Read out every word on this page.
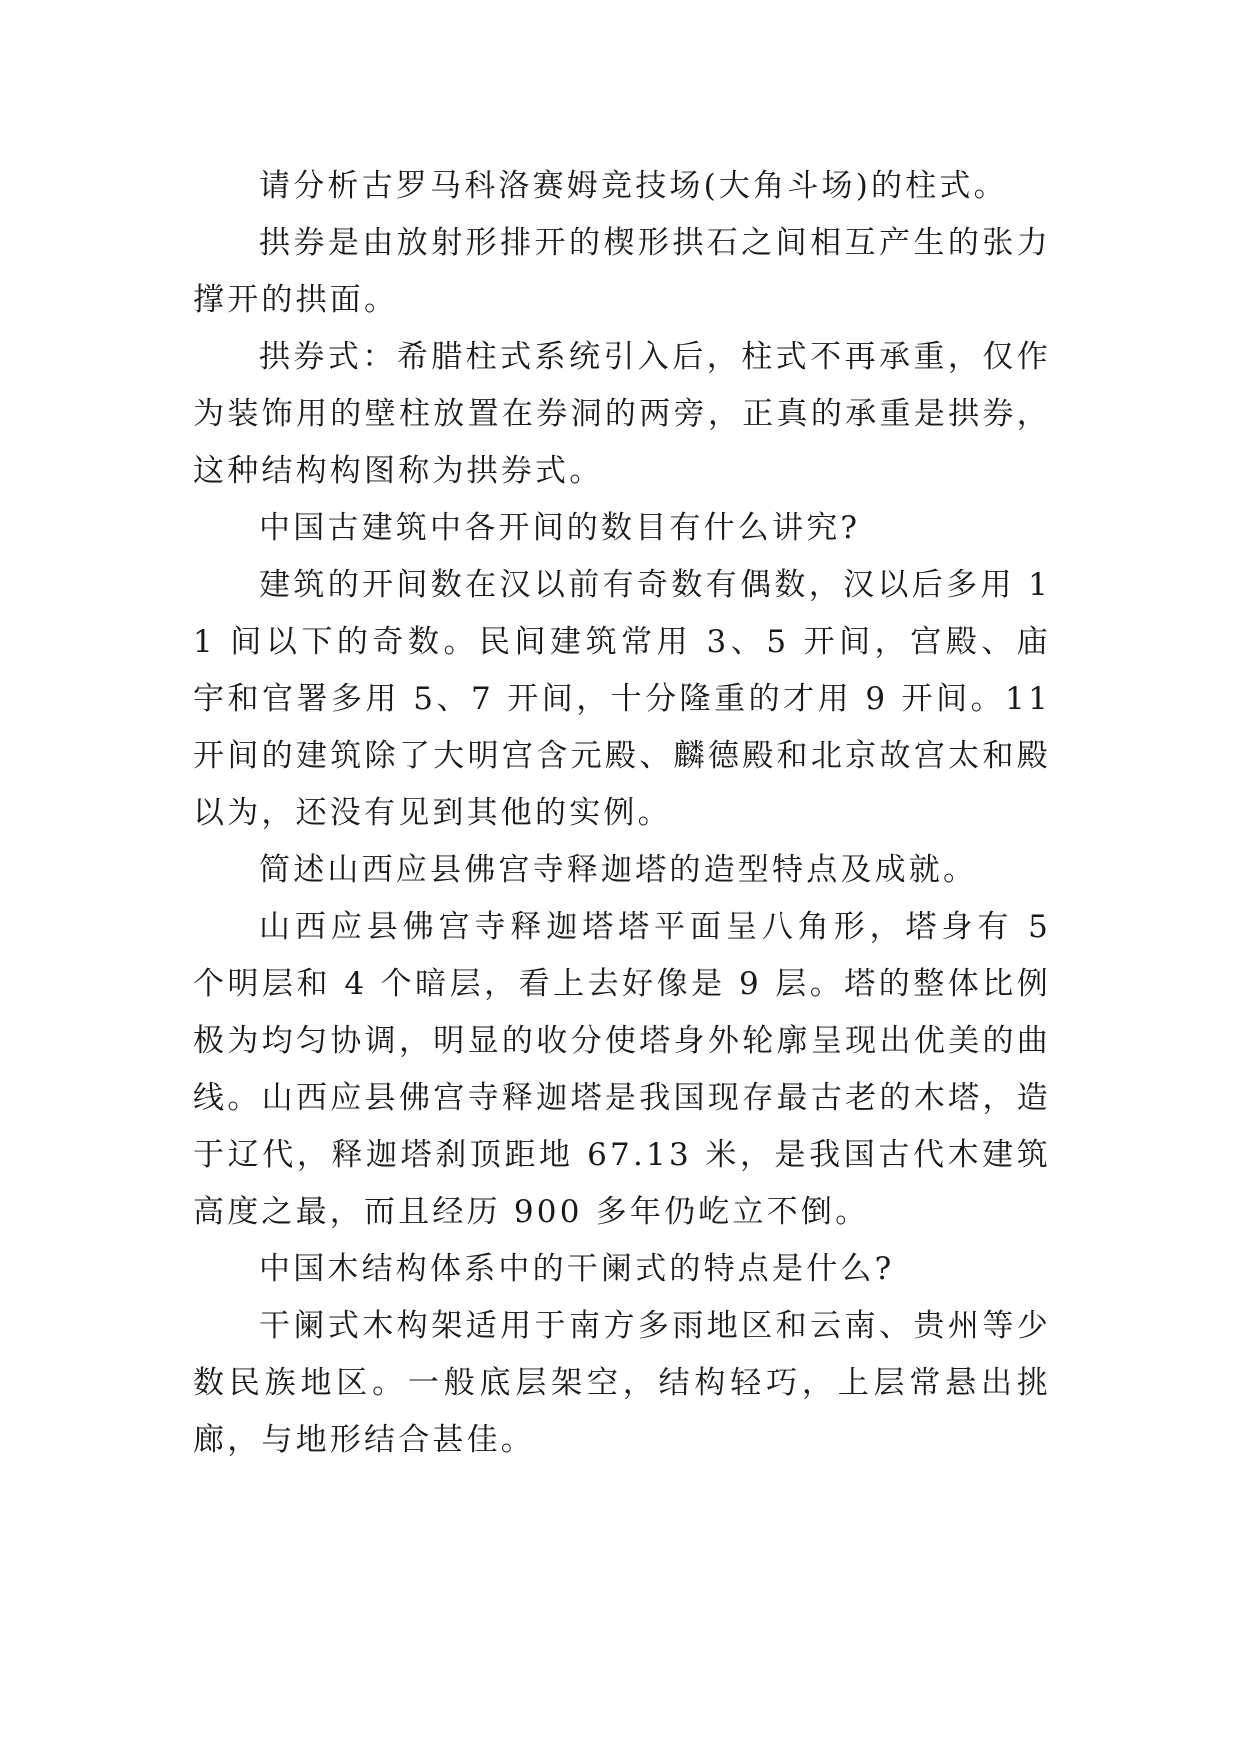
请分析古罗马科洛赛姆竞技场(大角斗场)的柱式。

拱券是由放射形排开的楔形拱石之间相互产生的张力撑开的拱面。

拱券式：希腊柱式系统引入后，柱式不再承重，仅作为装饰用的壁柱放置在券洞的两旁，正真的承重是拱券，这种结构构图称为拱券式。

中国古建筑中各开间的数目有什么讲究?

建筑的开间数在汉以前有奇数有偶数，汉以后多用 11 间以下的奇数。民间建筑常用 3、5 开间，宫殿、庙宇和官署多用 5、7 开间，十分隆重的才用 9 开间。11 开间的建筑除了大明宫含元殿、麟德殿和北京故宫太和殿以为，还没有见到其他的实例。

简述山西应县佛宫寺释迦塔的造型特点及成就。

山西应县佛宫寺释迦塔塔平面呈八角形，塔身有 5 个明层和 4 个暗层，看上去好像是 9 层。塔的整体比例极为均匀协调，明显的收分使塔身外轮廓呈现出优美的曲线。山西应县佛宫寺释迦塔是我国现存最古老的木塔，造于辽代，释迦塔刹顶距地 67.13 米，是我国古代木建筑高度之最，而且经历 900 多年仍屹立不倒。

中国木结构体系中的干阑式的特点是什么?

干阑式木构架适用于南方多雨地区和云南、贵州等少数民族地区。一般底层架空，结构轻巧，上层常悬出挑廊，与地形结合甚佳。
